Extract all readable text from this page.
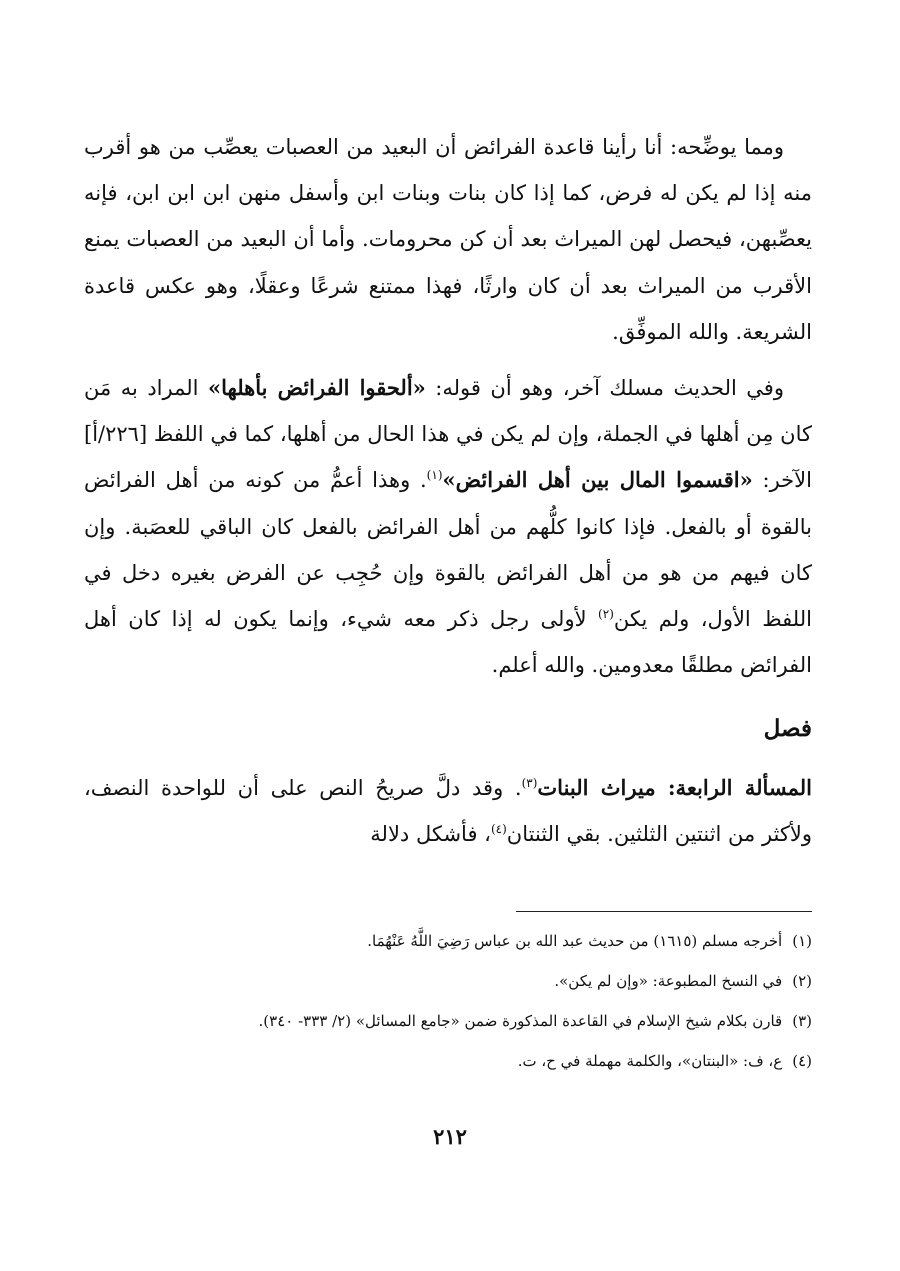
ومما يوضِّحه: أنا رأينا قاعدة الفرائض أن البعيد من العصبات يعصِّب من هو أقرب منه إذا لم يكن له فرض، كما إذا كان بنات وبنات ابن وأسفل منهن ابن ابن ابن، فإنه يعصِّبهن، فيحصل لهن الميراث بعد أن كن محرومات. وأما أن البعيد من العصبات يمنع الأقرب من الميراث بعد أن كان وارثًا، فهذا ممتنع شرعًا وعقلًا، وهو عكس قاعدة الشريعة. والله الموفِّق.

وفي الحديث مسلك آخر، وهو أن قوله: «ألحقوا الفرائض بأهلها» المراد به مَن كان مِن أهلها في الجملة، وإن لم يكن في هذا الحال من أهلها، كما في اللفظ [٢٢٦/أ] الآخر: «اقسموا المال بين أهل الفرائض»$^{(١)}$. وهذا أعمُّ من كونه من أهل الفرائض بالقوة أو بالفعل. فإذا كانوا كلُّهم من أهل الفرائض بالفعل كان الباقي للعصَبة. وإن كان فيهم من هو من أهل الفرائض بالقوة وإن حُجِب عن الفرض بغيره دخل في اللفظ الأول، ولم يكن$^{(٢)}$ لأولى رجل ذكر معه شيء، وإنما يكون له إذا كان أهل الفرائض مطلقًا معدومين. والله أعلم.

فصل

المسألة الرابعة: ميراث البنات$^{(٣)}$. وقد دلَّ صريحُ النص على أن للواحدة النصف، ولأكثر من اثنتين الثلثين. بقي الثنتان$^{(٤)}$، فأشكل دلالة

(١)
أخرجه مسلم (١٦١٥) من حديث عبد الله بن عباس رَضِيَ اللَّهُ عَنْهُمَا.
(٢)
في النسخ المطبوعة: «وإن لم يكن».
(٣)
قارن بكلام شيخ الإسلام في القاعدة المذكورة ضمن «جامع المسائل» (٢/ ٣٣٣- ٣٤٠).
(٤)
ع، ف: «البنتان»، والكلمة مهملة في ح، ت.
٢١٢
